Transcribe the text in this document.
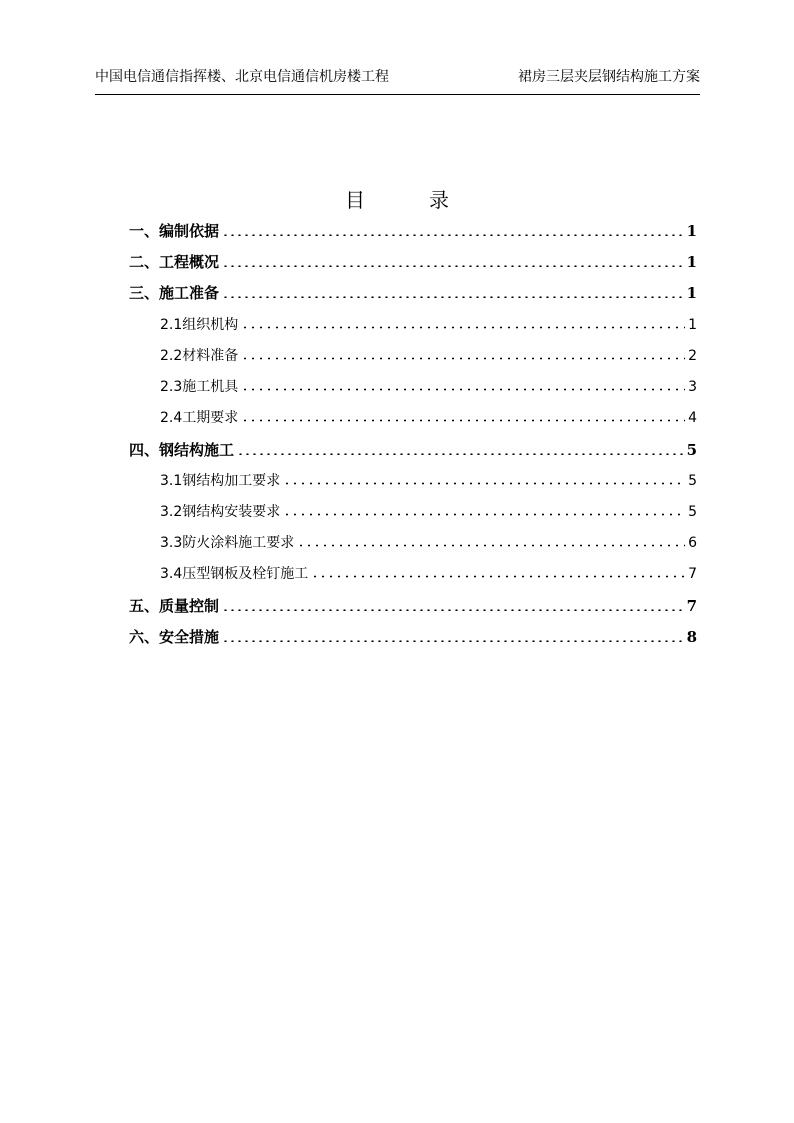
中国电信通信指挥楼、北京电信通信机房楼工程	裙房三层夹层钢结构施工方案
目	录
一、编制依据	1
二、工程概况	1
三、施工准备	1
2.1组织机构	1
2.2材料准备	2
2.3施工机具	3
2.4工期要求	4
四、钢结构施工	5
3.1钢结构加工要求	5
3.2钢结构安装要求	5
3.3防火涂料施工要求	6
3.4压型钢板及栓钉施工	7
五、质量控制	7
六、安全措施	8
